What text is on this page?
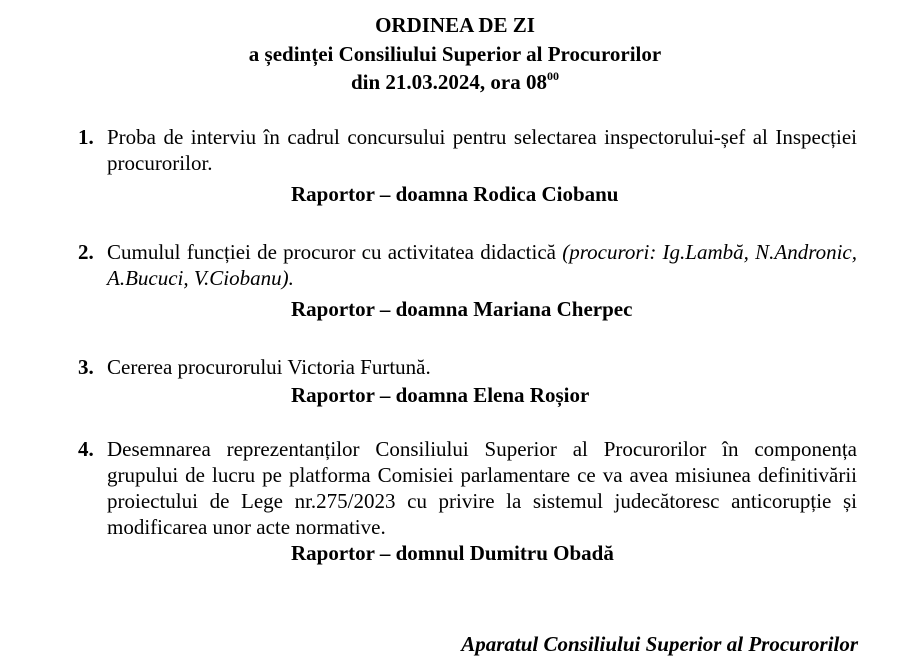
ORDINEA DE ZI
a ședinței Consiliului Superior al Procurorilor
din 21.03.2024, ora $08^{00}$
1. Proba de interviu în cadrul concursului pentru selectarea inspectorului-șef al Inspecției procurorilor.
Raportor – doamna Rodica Ciobanu
2. Cumulul funcției de procuror cu activitatea didactică (procurori: Ig.Lambă, N.Andronic, A.Bucuci, V.Ciobanu).
Raportor – doamna Mariana Cherpec
3. Cererea procurorului Victoria Furtună.
Raportor – doamna Elena Roșior
4. Desemnarea reprezentanților Consiliului Superior al Procurorilor în componența grupului de lucru pe platforma Comisiei parlamentare ce va avea misiunea definitivării proiectului de Lege nr.275/2023 cu privire la sistemul judecătoresc anticorupție și modificarea unor acte normative.
Raportor – domnul Dumitru Obadă
Aparatul Consiliului Superior al Procurorilor
